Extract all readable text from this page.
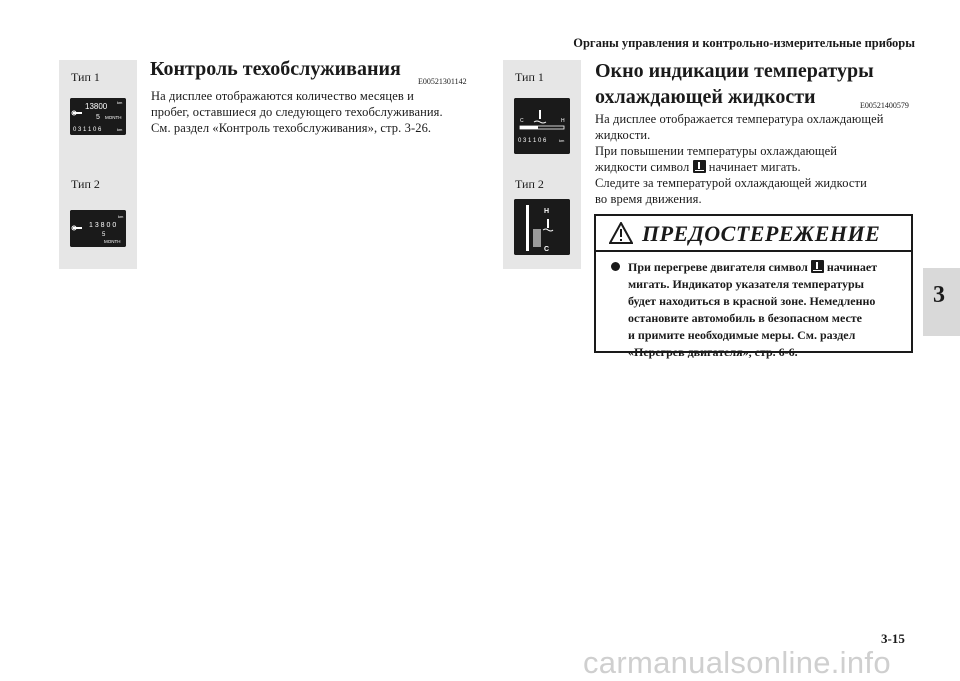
Органы управления и контрольно-измерительные приборы
Тип 1
13800 km
5 MONTH
0 3 1 1 0 6	km
Тип 2
km
1 3 8 0 0
5
MONTH
Контроль техобслуживания
E00521301142
На дисплее отображаются количество месяцев и
пробег, оставшиеся до следующего техобслуживания.
См. раздел «Контроль техобслуживания», стр. 3-26.
Тип 1
C	H
0 3 1 1 0 6	km
Тип 2
H
C
Окно индикации температуры
охлаждающей жидкости	E00521400579
На дисплее отображается температура охлаждающей
жидкости.
При повышении температуры охлаждающей
жидкости символ начинает мигать.
Следите за температурой охлаждающей жидкости
во время движения.
ПРЕДОСТЕРЕЖЕНИЕ
При перегреве двигателя символ начинает
мигать. Индикатор указателя температуры
будет находиться в красной зоне. Немедленно
остановите автомобиль в безопасном месте
и примите необходимые меры. См. раздел
«Перегрев двигателя», стр. 6-6.
3
3-15
carmanualsonline.info
